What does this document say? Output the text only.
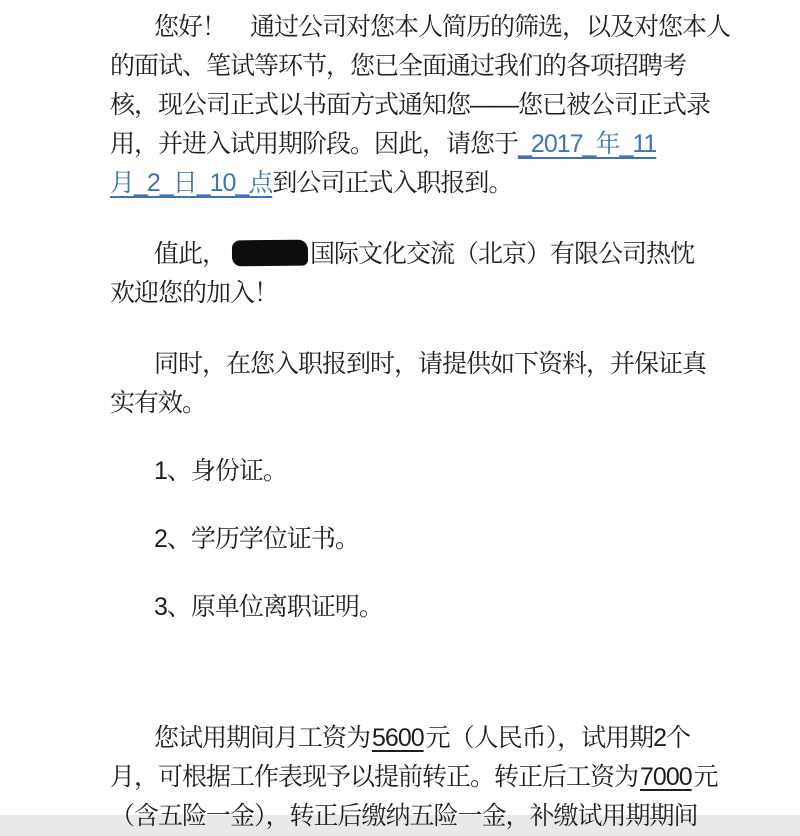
您好！　通过公司对您本人简历的筛选，以及对您本人
的面试、笔试等环节，您已全面通过我们的各项招聘考
核，现公司正式以书面方式通知您——您已被公司正式录
用，并进入试用期阶段。因此，请您于_2017_年_11
月_2_日_10_点到公司正式入职报到。
值此，	国际文化交流（北京）有限公司热忱
欢迎您的加入！
同时，在您入职报到时，请提供如下资料，并保证真
实有效。
1、身份证。
2、学历学位证书。
3、原单位离职证明。
您试用期间月工资为5600元（人民币），试用期2个
月，可根据工作表现予以提前转正。转正后工资为7000元
（含五险一金），转正后缴纳五险一金，补缴试用期期间
